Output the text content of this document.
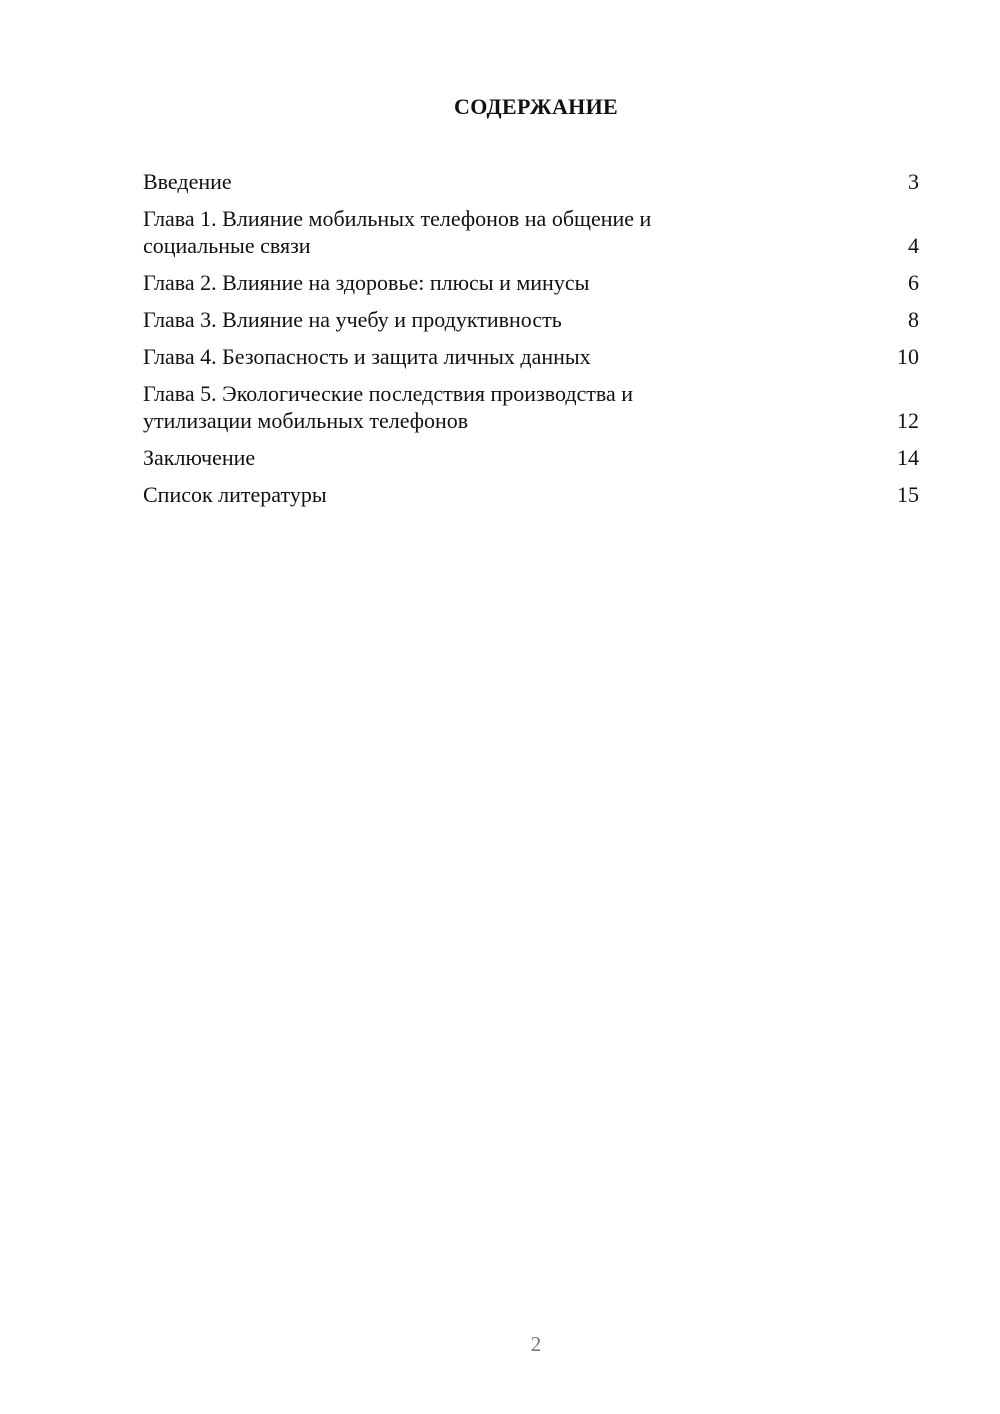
СОДЕРЖАНИЕ
Введение	3
Глава 1. Влияние мобильных телефонов на общение и
социальные связи	4
Глава 2. Влияние на здоровье: плюсы и минусы	6
Глава 3. Влияние на учебу и продуктивность	8
Глава 4. Безопасность и защита личных данных	10
Глава 5. Экологические последствия производства и
утилизации мобильных телефонов	12
Заключение	14
Список литературы	15
2
